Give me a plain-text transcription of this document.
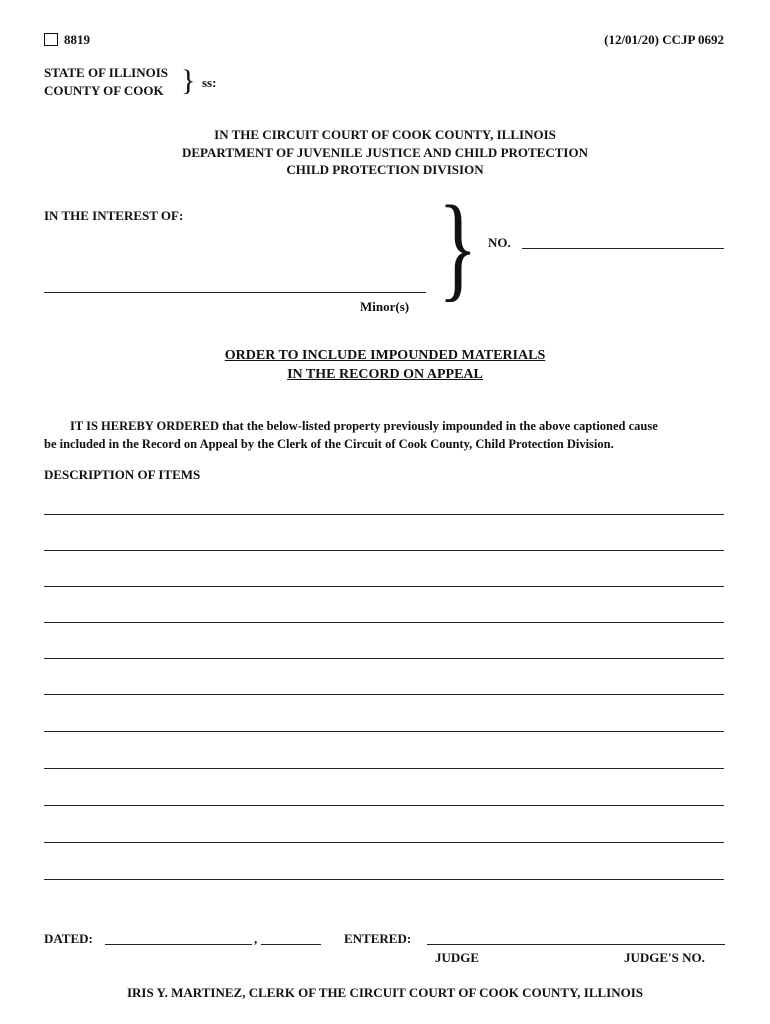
8819	(12/01/20) CCJP 0692
STATE OF ILLINOIS
COUNTY OF COOK } ss:
IN THE CIRCUIT COURT OF COOK COUNTY, ILLINOIS
DEPARTMENT OF JUVENILE JUSTICE AND CHILD PROTECTION
CHILD PROTECTION DIVISION
IN THE INTEREST OF: } NO.
Minor(s)
ORDER TO INCLUDE IMPOUNDED MATERIALS
IN THE RECORD ON APPEAL
IT IS HEREBY ORDERED that the below-listed property previously impounded in the above captioned cause
be included in the Record on Appeal by the Clerk of the Circuit of Cook County, Child Protection Division.
DESCRIPTION OF ITEMS
DATED:	,	ENTERED:
JUDGE	JUDGE'S NO.
IRIS Y. MARTINEZ, CLERK OF THE CIRCUIT COURT OF COOK COUNTY, ILLINOIS
